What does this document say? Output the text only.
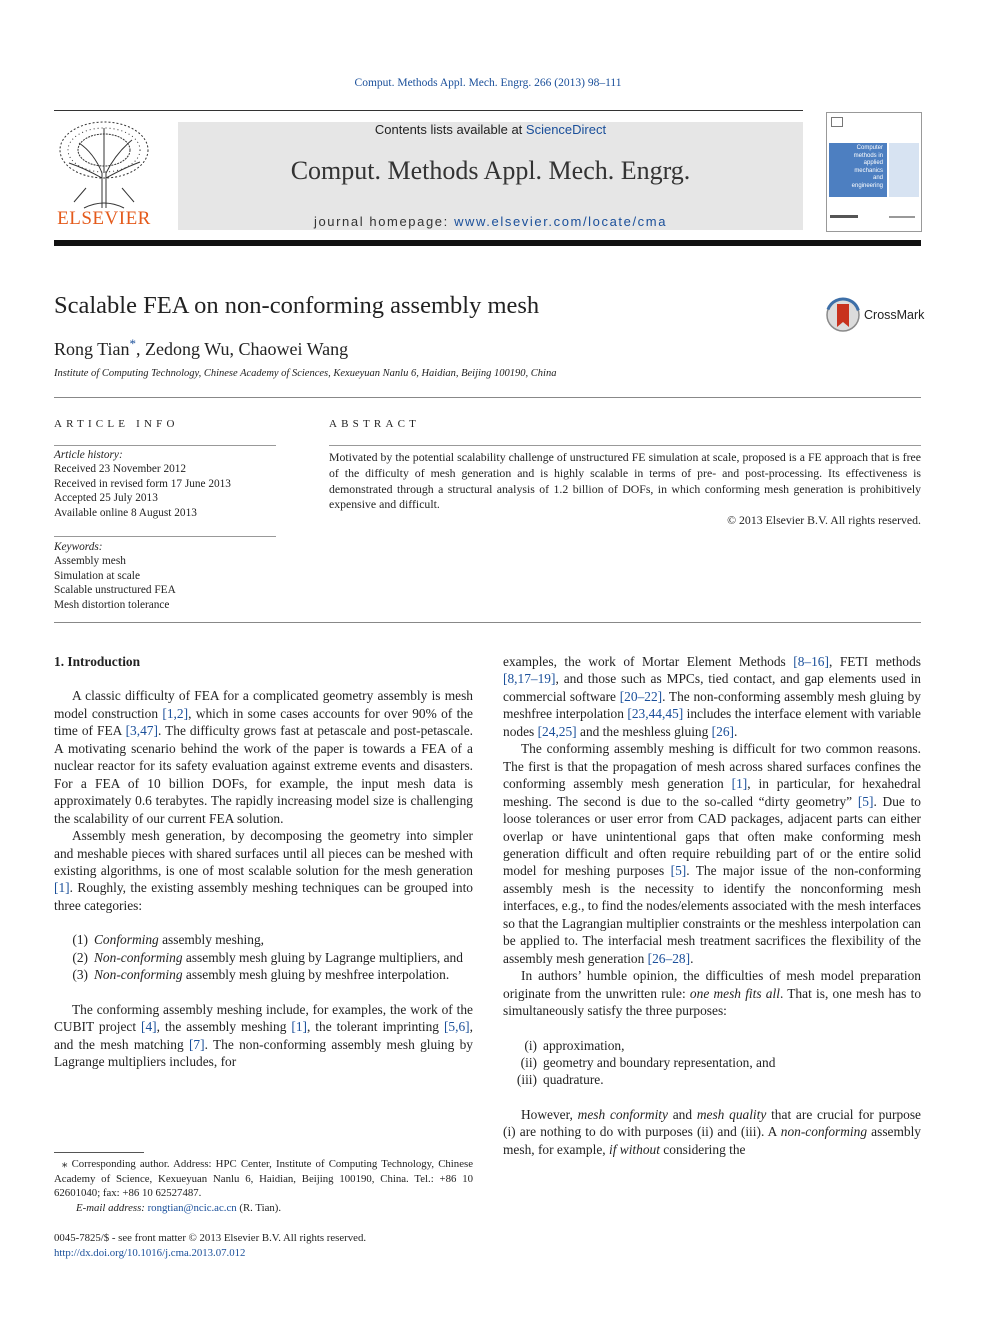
Comput. Methods Appl. Mech. Engrg. 266 (2013) 98–111
ELSEVIER
Contents lists available at ScienceDirect
Comput. Methods Appl. Mech. Engrg.
journal homepage: www.elsevier.com/locate/cma
Computer
methods in
applied
mechanics
and
engineering
Scalable FEA on non-conforming assembly mesh	CrossMark
Rong Tian*, Zedong Wu, Chaowei Wang
Institute of Computing Technology, Chinese Academy of Sciences, Kexueyuan Nanlu 6, Haidian, Beijing 100190, China
ARTICLE INFO
Article history:
Received 23 November 2012
Received in revised form 17 June 2013
Accepted 25 July 2013
Available online 8 August 2013
Keywords:
Assembly mesh
Simulation at scale
Scalable unstructured FEA
Mesh distortion tolerance
ABSTRACT
Motivated by the potential scalability challenge of unstructured FE simulation at scale, proposed is a FE approach that is free of the difficulty of mesh generation and is highly scalable in terms of pre- and post-processing. Its effectiveness is demonstrated through a structural analysis of 1.2 billion of DOFs, in which conforming mesh generation is prohibitively expensive and difficult.
© 2013 Elsevier B.V. All rights reserved.
1. Introduction

A classic difficulty of FEA for a complicated geometry assembly is mesh model construction [1,2], which in some cases accounts for over 90% of the time of FEA [3,47]. The difficulty grows fast at petascale and post-petascale. A motivating scenario behind the work of the paper is towards a FEA of a nuclear reactor for its safety evaluation against extreme events and disasters. For a FEA of 10 billion DOFs, for example, the input mesh data is approximately 0.6 terabytes. The rapidly increasing model size is challenging the scalability of our current FEA solution.

Assembly mesh generation, by decomposing the geometry into simpler and meshable pieces with shared surfaces until all pieces can be meshed with existing algorithms, is one of most scalable solution for the mesh generation [1]. Roughly, the existing assembly meshing techniques can be grouped into three categories:

(1) Conforming assembly meshing,
(2) Non-conforming assembly mesh gluing by Lagrange multipliers, and
(3) Non-conforming assembly mesh gluing by meshfree interpolation.

The conforming assembly meshing include, for examples, the work of the CUBIT project [4], the assembly meshing [1], the tolerant imprinting [5,6], and the mesh matching [7]. The non-conforming assembly mesh gluing by Lagrange multipliers includes, for

⁎ Corresponding author. Address: HPC Center, Institute of Computing Technology, Chinese Academy of Science, Kexueyuan Nanlu 6, Haidian, Beijing 100190, China. Tel.: +86 10 62601040; fax: +86 10 62527487.
E-mail address: rongtian@ncic.ac.cn (R. Tian).
0045-7825/$ - see front matter © 2013 Elsevier B.V. All rights reserved.
http://dx.doi.org/10.1016/j.cma.2013.07.012

examples, the work of Mortar Element Methods [8–16], FETI methods [8,17–19], and those such as MPCs, tied contact, and gap elements used in commercial software [20–22]. The non-conforming assembly mesh gluing by meshfree interpolation [23,44,45] includes the interface element with variable nodes [24,25] and the meshless gluing [26].

The conforming assembly meshing is difficult for two common reasons. The first is that the propagation of mesh across shared surfaces confines the conforming assembly mesh generation [1], in particular, for hexahedral meshing. The second is due to the so-called “dirty geometry” [5]. Due to loose tolerances or user error from CAD packages, adjacent parts can either overlap or have unintentional gaps that often make conforming mesh generation difficult and often require rebuilding part of or the entire solid model for meshing purposes [5]. The major issue of the non-conforming assembly mesh is the necessity to identify the nonconforming mesh interfaces, e.g., to find the nodes/elements associated with the mesh interfaces so that the Lagrangian multiplier constraints or the meshless interpolation can be applied to. The interfacial mesh treatment sacrifices the flexibility of the assembly mesh generation [26–28].

In authors’ humble opinion, the difficulties of mesh model preparation originate from the unwritten rule: one mesh fits all. That is, one mesh has to simultaneously satisfy the three purposes:

(i) approximation,
(ii) geometry and boundary representation, and
(iii) quadrature.

However, mesh conformity and mesh quality that are crucial for purpose (i) are nothing to do with purposes (ii) and (iii). A non-conforming assembly mesh, for example, if without considering the
